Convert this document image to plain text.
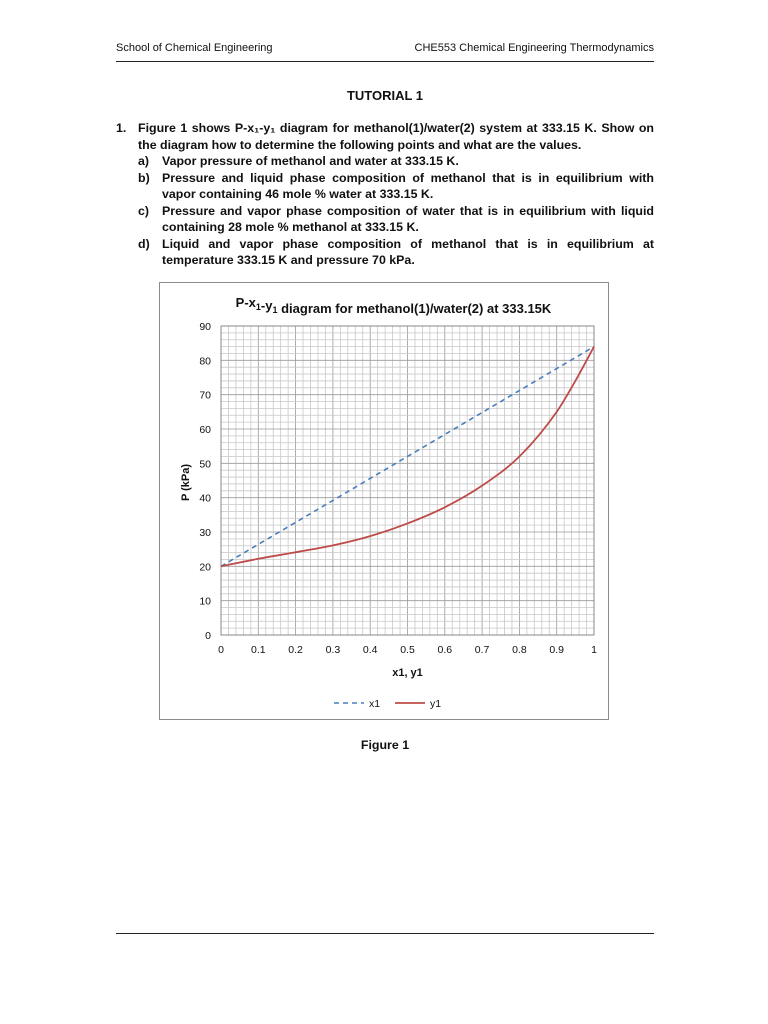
School of Chemical Engineering	CHE553 Chemical Engineering Thermodynamics
TUTORIAL 1
1. Figure 1 shows P-x₁-y₁ diagram for methanol(1)/water(2) system at 333.15 K. Show on the diagram how to determine the following points and what are the values.
a)	Vapor pressure of methanol and water at 333.15 K.
b) Pressure and liquid phase composition of methanol that is in equilibrium with vapor containing 46 mole % water at 333.15 K.
c)	Pressure and vapor phase composition of water that is in equilibrium with liquid containing 28 mole % methanol at 333.15 K.
d) Liquid and vapor phase composition of methanol that is in equilibrium at temperature 333.15 K and pressure 70 kPa.
$P-x_1-y_1$ diagram for methanol(1)/water(2) at 333.15K
0	0.1 0.2 0.3 0.4 0.5 0.6 0.7 0.8 0.9	1
0
10
20
30
40
50
60
70
80
90
x1, y1
P (kPa)
x1	y1
Figure 1
